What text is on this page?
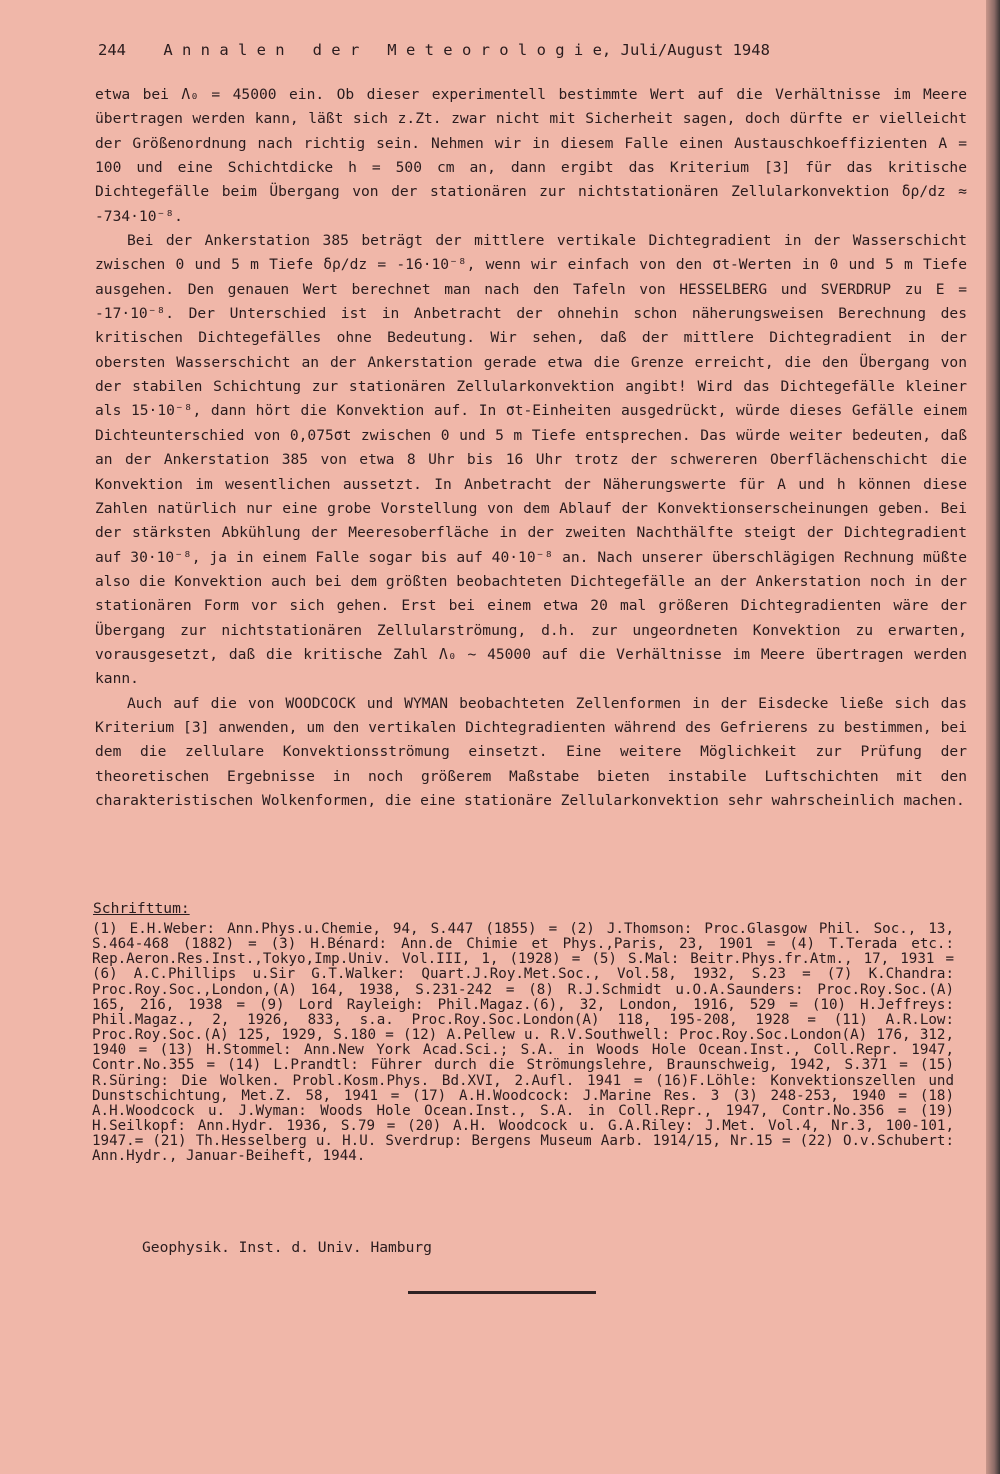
244 A n n a l e n   d e r   M e t e o r o l o g i e, Juli/August 1948

etwa bei Λ₀ = 45000 ein. Ob dieser experimentell bestimmte Wert auf die Verhältnisse im Meere übertragen werden kann, läßt sich z.Zt. zwar nicht mit Sicherheit sagen, doch dürfte er vielleicht der Größenordnung nach richtig sein. Nehmen wir in diesem Falle einen Austauschkoeffizienten A = 100 und eine Schichtdicke h = 500 cm an, dann ergibt das Kriterium [3] für das kritische Dichtegefälle beim Übergang von der stationären zur nichtstationären Zellularkonvektion δρ/dz ≈ -734·10⁻⁸.

Bei der Ankerstation 385 beträgt der mittlere vertikale Dichtegradient in der Wasserschicht zwischen 0 und 5 m Tiefe δρ/dz = -16·10⁻⁸, wenn wir einfach von den σt-Werten in 0 und 5 m Tiefe ausgehen. Den genauen Wert berechnet man nach den Tafeln von HESSELBERG und SVERDRUP zu E = -17·10⁻⁸. Der Unterschied ist in Anbetracht der ohnehin schon näherungsweisen Berechnung des kritischen Dichtegefälles ohne Bedeutung. Wir sehen, daß der mittlere Dichtegradient in der obersten Wasserschicht an der Ankerstation gerade etwa die Grenze erreicht, die den Übergang von der stabilen Schichtung zur stationären Zellularkonvektion angibt! Wird das Dichtegefälle kleiner als 15·10⁻⁸, dann hört die Konvektion auf. In σt-Einheiten ausgedrückt, würde dieses Gefälle einem Dichteunterschied von 0,075σt zwischen 0 und 5 m Tiefe entsprechen. Das würde weiter bedeuten, daß an der Ankerstation 385 von etwa 8 Uhr bis 16 Uhr trotz der schwereren Oberflächenschicht die Konvektion im wesentlichen aussetzt. In Anbetracht der Näherungswerte für A und h können diese Zahlen natürlich nur eine grobe Vorstellung von dem Ablauf der Konvektionserscheinungen geben. Bei der stärksten Abkühlung der Meeresoberfläche in der zweiten Nachthälfte steigt der Dichtegradient auf 30·10⁻⁸, ja in einem Falle sogar bis auf 40·10⁻⁸ an. Nach unserer überschlägigen Rechnung müßte also die Konvektion auch bei dem größten beobachteten Dichtegefälle an der Ankerstation noch in der stationären Form vor sich gehen. Erst bei einem etwa 20 mal größeren Dichtegradienten wäre der Übergang zur nichtstationären Zellularströmung, d.h. zur ungeordneten Konvektion zu erwarten, vorausgesetzt, daß die kritische Zahl Λ₀ ~ 45000 auf die Verhältnisse im Meere übertragen werden kann.

Auch auf die von WOODCOCK und WYMAN beobachteten Zellenformen in der Eisdecke ließe sich das Kriterium [3] anwenden, um den vertikalen Dichtegradienten während des Gefrierens zu bestimmen, bei dem die zellulare Konvektionsströmung einsetzt. Eine weitere Möglichkeit zur Prüfung der theoretischen Ergebnisse in noch größerem Maßstabe bieten instabile Luftschichten mit den charakteristischen Wolkenformen, die eine stationäre Zellularkonvektion sehr wahrscheinlich machen.

Schrifttum:
(1) E.H.Weber: Ann.Phys.u.Chemie, 94, S.447 (1855) = (2) J.Thomson: Proc.Glasgow Phil. Soc., 13, S.464-468 (1882) = (3) H.Bénard: Ann.de Chimie et Phys.,Paris, 23, 1901 = (4) T.Terada etc.: Rep.Aeron.Res.Inst.,Tokyo,Imp.Univ. Vol.III, 1, (1928) = (5) S.Mal: Beitr.Phys.fr.Atm., 17, 1931 = (6) A.C.Phillips u.Sir G.T.Walker: Quart.J.Roy.Met.Soc., Vol.58, 1932, S.23 = (7) K.Chandra: Proc.Roy.Soc.,London,(A) 164, 1938, S.231-242 = (8) R.J.Schmidt u.O.A.Saunders: Proc.Roy.Soc.(A) 165, 216, 1938 = (9) Lord Rayleigh: Phil.Magaz.(6), 32, London, 1916, 529 = (10) H.Jeffreys: Phil.Magaz., 2, 1926, 833, s.a. Proc.Roy.Soc.London(A) 118, 195-208, 1928 = (11) A.R.Low: Proc.Roy.Soc.(A) 125, 1929, S.180 = (12) A.Pellew u. R.V.Southwell: Proc.Roy.Soc.London(A) 176, 312, 1940 = (13) H.Stommel: Ann.New York Acad.Sci.; S.A. in Woods Hole Ocean.Inst., Coll.Repr. 1947, Contr.No.355 = (14) L.Prandtl: Führer durch die Strömungslehre, Braunschweig, 1942, S.371 = (15) R.Süring: Die Wolken. Probl.Kosm.Phys. Bd.XVI, 2.Aufl. 1941 = (16)F.Löhle: Konvektionszellen und Dunstschichtung, Met.Z. 58, 1941 = (17) A.H.Woodcock: J.Marine Res. 3 (3) 248-253, 1940 = (18) A.H.Woodcock u. J.Wyman: Woods Hole Ocean.Inst., S.A. in Coll.Repr., 1947, Contr.No.356 = (19) H.Seilkopf: Ann.Hydr. 1936, S.79 = (20) A.H. Woodcock u. G.A.Riley: J.Met. Vol.4, Nr.3, 100-101, 1947.= (21) Th.Hesselberg u. H.U. Sverdrup: Bergens Museum Aarb. 1914/15, Nr.15 = (22) O.v.Schubert: Ann.Hydr., Januar-Beiheft, 1944.
Geophysik. Inst. d. Univ. Hamburg
